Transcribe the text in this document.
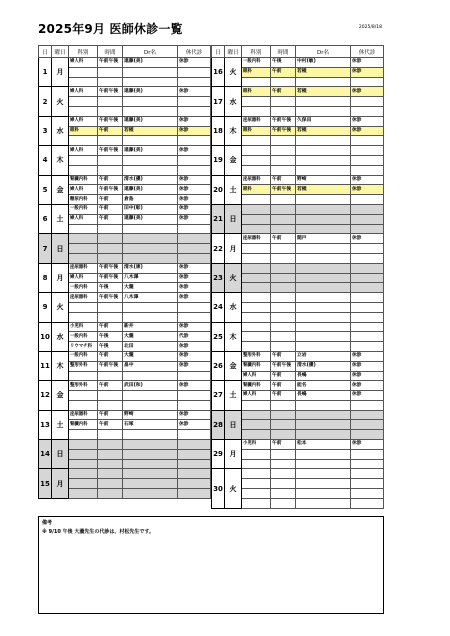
2025年9月 医師休診一覧	2025/8/18
日	曜日	科別	時間	Dr名	休代診
1	月	婦人科	午前午後	遠藤(美)	休診

2	火	婦人科	午前午後	遠藤(美)	休診

3	水	婦人科	午前午後	遠藤(美)	休診
		眼科	午前	若槻	休診

4	木	婦人科	午前午後	遠藤(美)	休診

5	金	腎臓内科	午前	清水(優)	休診
		婦人科	午前午後	遠藤(美)	休診
		糖尿内科	午前	倉島	休診
6	土	一般内科	午前	田中(彰)	休診
		婦人科	午前	遠藤(美)	休診

7	日				

8	月	泌尿器科	午前午後	清水(康)	休診
		婦人科	午前午後	八木澤	休診
		一般内科	午後	大瀧	休診
9	火	泌尿器科	午前午後	八木澤	休診

10	水	小児科	午前	新井	休診
		一般内科	午後	大瀧	代診
		リウマチ科	午後	北田	休診
11	木	一般内科	午前	大瀧	休診
		整形外科	午前午後	畠中	休診

12	金	整形外科	午前	武田(和)	休診

13	土	泌尿器科	午前	野崎	休診
		腎臓内科	午前	石塚	休診

14	日				

15	月				

日	曜日	科別	時間	Dr名	休代診
16	火	一般内科	午後	中村(敏)	休診
		眼科	午前	若槻	休診

17	水	眼科	午前	若槻	休診

18	木	泌尿器科	午前午後	久保田	休診
		眼科	午前午後	若槻	休診

19	金				

20	土	泌尿器科	午前	野崎	休診
		眼科	午前午後	若槻	休診

21	日				

22	月	泌尿器科	午前	閲戸	休診

23	火				

24	水				

25	木				

26	金	整形外科	午前	立岩	休診
		腎臓内科	午前午後	清水(優)	休診
		婦人科	午前	長嶋	休診
27	土	腎臓内科	午前	能名	休診
		婦人科	午前	長嶋	休診

28	日				

29	月	小児科	午前	松本	休診

30	火				

備考
※ 9/10 午後 大瀧先生の代診は、村松先生です。
